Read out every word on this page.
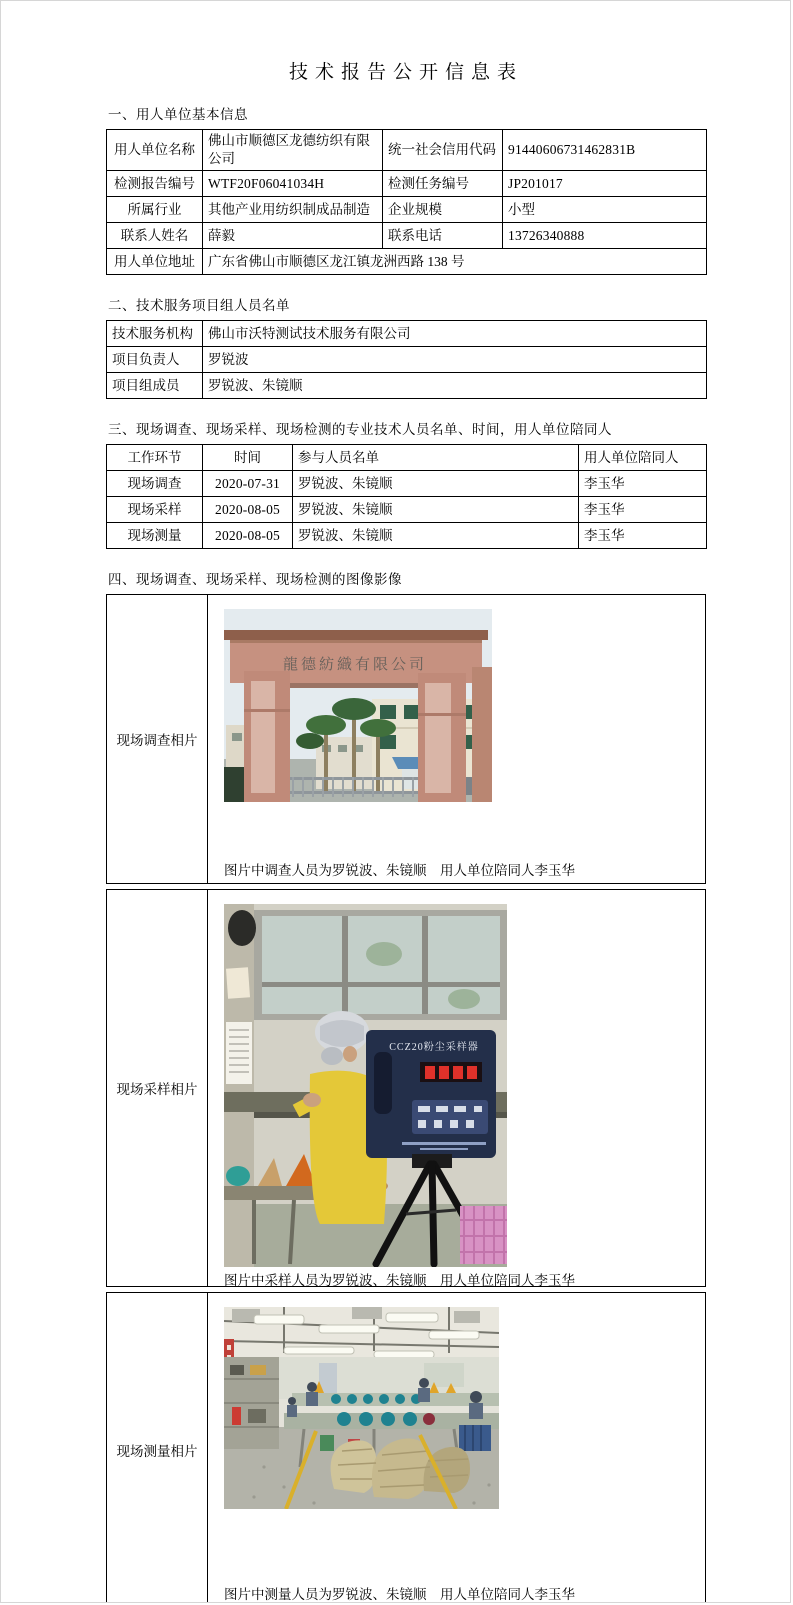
技术报告公开信息表
一、用人单位基本信息
用人单位名称	佛山市顺德区龙德纺织有限公司	统一社会信用代码	91440606731462831B
检测报告编号	WTF20F06041034H	检测任务编号	JP201017
所属行业	其他产业用纺织制成品制造	企业规模	小型
联系人姓名	薛毅	联系电话	13726340888
用人单位地址	广东省佛山市顺德区龙江镇龙洲西路 138 号		
二、技术服务项目组人员名单
技术服务机构	佛山市沃特测试技术服务有限公司
项目负责人	罗锐波
项目组成员	罗锐波、朱镜顺
三、现场调查、现场采样、现场检测的专业技术人员名单、时间，用人单位陪同人
工作环节	时间	参与人员名单	用人单位陪同人
现场调查	2020-07-31	罗锐波、朱镜顺	李玉华
现场采样	2020-08-05	罗锐波、朱镜顺	李玉华
现场测量	2020-08-05	罗锐波、朱镜顺	李玉华
四、现场调查、现场采样、现场检测的图像影像
现场调查相片
龍德紡織有限公司
图片中调查人员为罗锐波、朱镜顺　用人单位陪同人李玉华
现场采样相片
CCZ20粉尘采样器
图片中采样人员为罗锐波、朱镜顺　用人单位陪同人李玉华
现场测量相片
图片中测量人员为罗锐波、朱镜顺　用人单位陪同人李玉华
